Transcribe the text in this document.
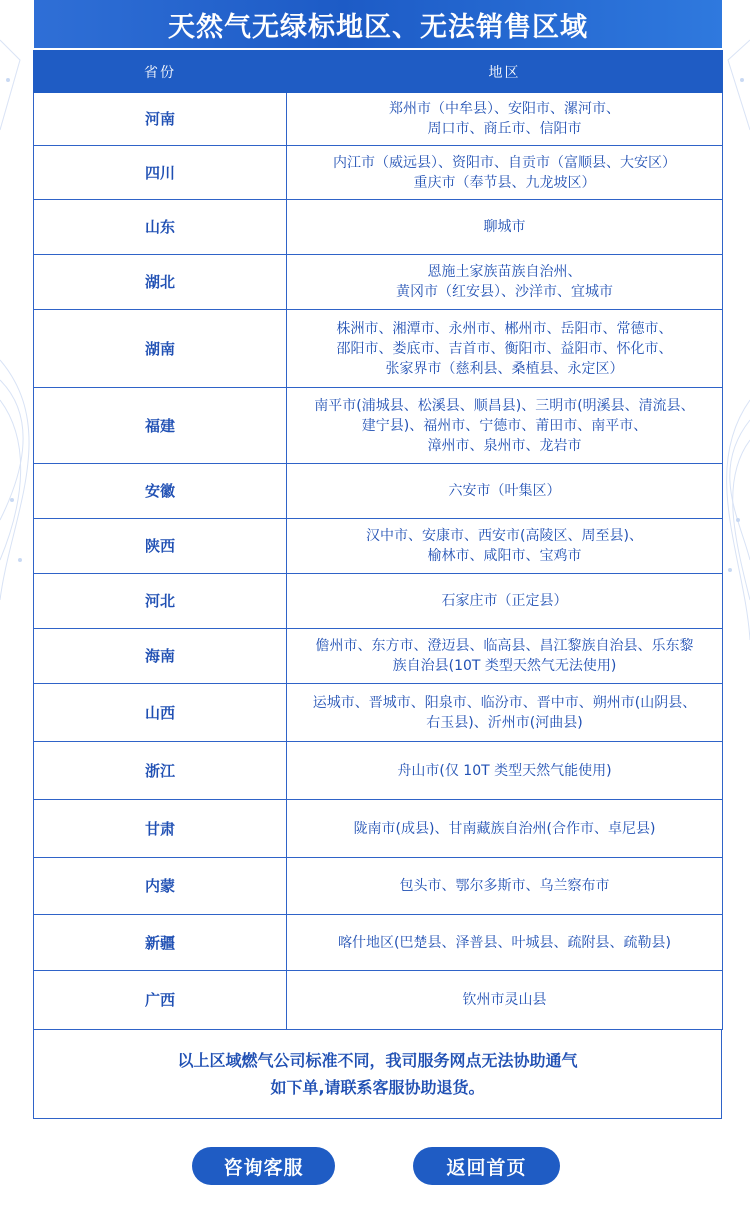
天然气无绿标地区、无法销售区域
省份	地区
河南	郑州市（中牟县）、安阳市、漯河市、
周口市、商丘市、信阳市

四川	内江市（威远县）、资阳市、自贡市（富顺县、大安区）
重庆市（奉节县、九龙坡区）

山东	聊城市

湖北	恩施土家族苗族自治州、
黄冈市（红安县）、沙洋市、宜城市

湖南	株洲市、湘潭市、永州市、郴州市、岳阳市、常德市、
邵阳市、娄底市、吉首市、衡阳市、益阳市、怀化市、
张家界市（慈利县、桑植县、永定区）

福建	南平市(浦城县、松溪县、顺昌县)、三明市(明溪县、清流县、
建宁县)、福州市、宁德市、莆田市、南平市、
漳州市、泉州市、龙岩市

安徽	六安市（叶集区）

陕西	汉中市、安康市、西安市(高陵区、周至县)、
榆林市、咸阳市、宝鸡市

河北	石家庄市（正定县）

海南	儋州市、东方市、澄迈县、临高县、昌江黎族自治县、乐东黎
族自治县(10T 类型天然气无法使用)

山西	运城市、晋城市、阳泉市、临汾市、晋中市、朔州市(山阴县、
右玉县)、沂州市(河曲县)

浙江	舟山市(仅 10T 类型天然气能使用)

甘肃	陇南市(成县)、甘南藏族自治州(合作市、卓尼县)

内蒙	包头市、鄂尔多斯市、乌兰察布市

新疆	喀什地区(巴楚县、泽普县、叶城县、疏附县、疏勒县)

广西	钦州市灵山县
以上区域燃气公司标准不同，我司服务网点无法协助通气
如下单,请联系客服协助退货。
咨询客服	返回首页
